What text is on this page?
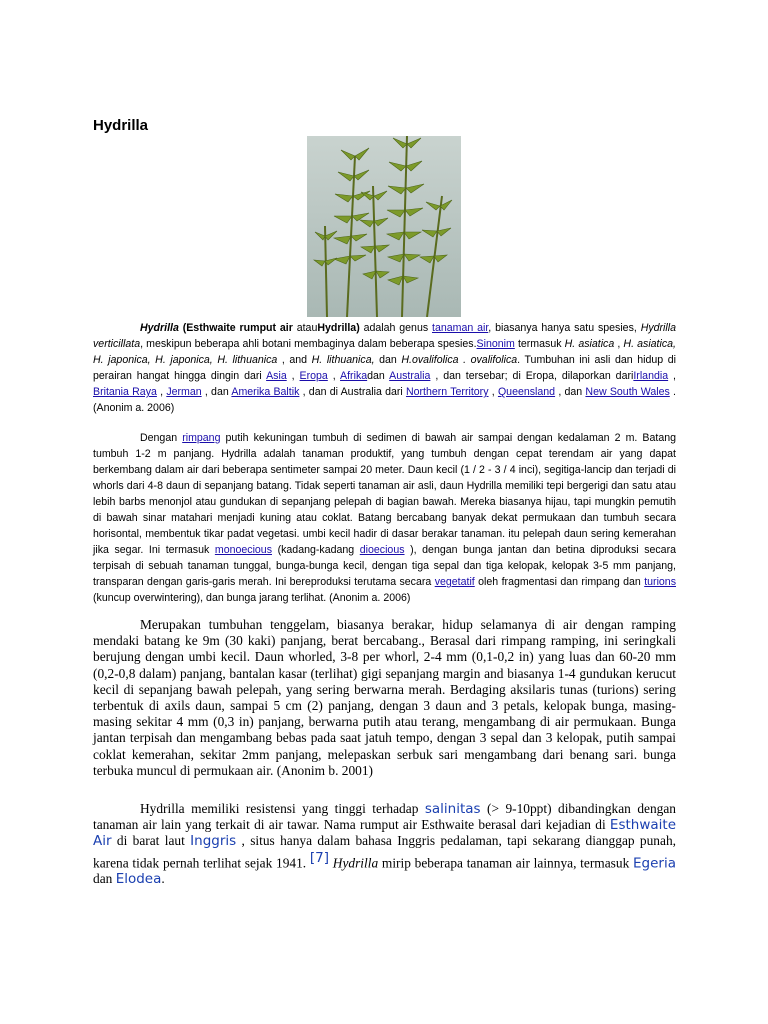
Hydrilla

Hydrilla (Esthwaite rumput air atauHydrilla) adalah genus tanaman air, biasanya hanya satu spesies, Hydrilla verticillata, meskipun beberapa ahli botani membaginya dalam beberapa spesies.Sinonim termasuk H. asiatica , H. asiatica, H. japonica, H. japonica, H. lithuanica , and H. lithuanica, dan H.ovalifolica . ovalifolica. Tumbuhan ini asli dan hidup di perairan hangat hingga dingin dari Asia , Eropa , Afrikadan Australia , dan tersebar; di Eropa, dilaporkan dariIrlandia , Britania Raya , Jerman , dan Amerika Baltik , dan di Australia dari Northern Territory , Queensland , dan New South Wales . (Anonim a. 2006)

Dengan rimpang putih kekuningan tumbuh di sedimen di bawah air sampai dengan kedalaman 2 m. Batang tumbuh 1-2 m panjang. Hydrilla adalah tanaman produktif, yang tumbuh dengan cepat terendam air yang dapat berkembang dalam air dari beberapa sentimeter sampai 20 meter. Daun kecil (1 / 2 - 3 / 4 inci), segitiga-lancip dan terjadi di whorls dari 4-8 daun di sepanjang batang. Tidak seperti tanaman air asli, daun Hydrilla memiliki tepi bergerigi dan satu atau lebih barbs menonjol atau gundukan di sepanjang pelepah di bagian bawah. Mereka biasanya hijau, tapi mungkin pemutih di bawah sinar matahari menjadi kuning atau coklat. Batang bercabang banyak dekat permukaan dan tumbuh secara horisontal, membentuk tikar padat vegetasi. umbi kecil hadir di dasar berakar tanaman. itu pelepah daun sering kemerahan jika segar. Ini termasuk monoecious (kadang-kadang dioecious ), dengan bunga jantan dan betina diproduksi secara terpisah di sebuah tanaman tunggal, bunga-bunga kecil, dengan tiga sepal dan tiga kelopak, kelopak 3-5 mm panjang, transparan dengan garis-garis merah. Ini bereproduksi terutama secara vegetatif oleh fragmentasi dan rimpang dan turions (kuncup overwintering), dan bunga jarang terlihat. (Anonim a. 2006)

Merupakan tumbuhan tenggelam, biasanya berakar, hidup selamanya di air dengan ramping mendaki batang ke 9m (30 kaki) panjang, berat bercabang., Berasal dari rimpang ramping, ini seringkali berujung dengan umbi kecil. Daun whorled, 3-8 per whorl, 2-4 mm (0,1-0,2 in) yang luas dan 60-20 mm (0,2-0,8 dalam) panjang, bantalan kasar (terlihat) gigi sepanjang margin and biasanya 1-4 gundukan kerucut kecil di sepanjang bawah pelepah, yang sering berwarna merah. Berdaging aksilaris tunas (turions) sering terbentuk di axils daun, sampai 5 cm (2) panjang, dengan 3 daun and 3 petals, kelopak bunga, masing-masing sekitar 4 mm (0,3 in) panjang, berwarna putih atau terang, mengambang di air permukaan. Bunga jantan terpisah dan mengambang bebas pada saat jatuh tempo, dengan 3 sepal dan 3 kelopak, putih sampai coklat kemerahan, sekitar 2mm panjang, melepaskan serbuk sari mengambang dari benang sari. bunga terbuka muncul di permukaan air. (Anonim b. 2001)

Hydrilla memiliki resistensi yang tinggi terhadap salinitas (> 9-10ppt) dibandingkan dengan tanaman air lain yang terkait di air tawar. Nama rumput air Esthwaite berasal dari kejadian di Esthwaite Air di barat laut Inggris , situs hanya dalam bahasa Inggris pedalaman, tapi sekarang dianggap punah, karena tidak pernah terlihat sejak 1941. [7] Hydrilla mirip beberapa tanaman air lainnya, termasuk Egeria dan Elodea.
